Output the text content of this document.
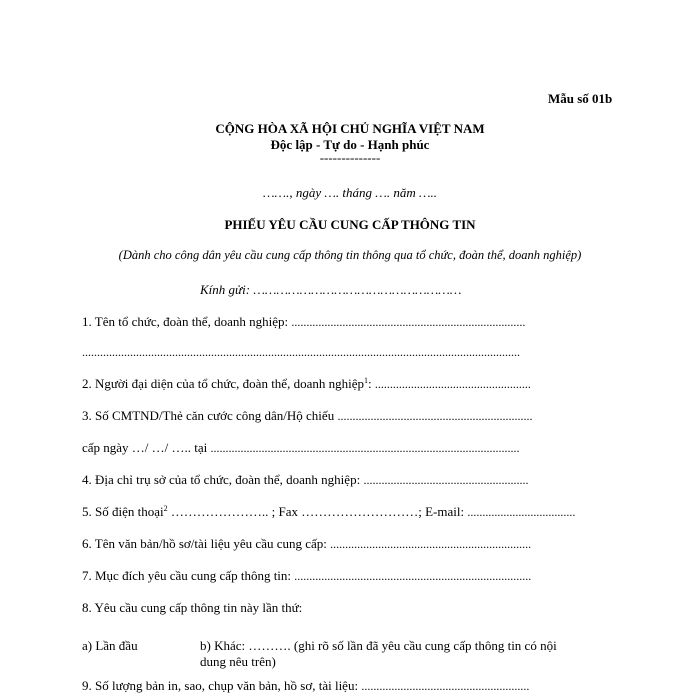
Mẫu số 01b
CỘNG HÒA XÃ HỘI CHỦ NGHĨA VIỆT NAM
Độc lập - Tự do - Hạnh phúc
--------------
……., ngày …. tháng …. năm …..
PHIẾU YÊU CẦU CUNG CẤP THÔNG TIN
(Dành cho công dân yêu cầu cung cấp thông tin thông qua tổ chức, đoàn thể, doanh nghiệp)
Kính gửi: ………………………………………………
1. Tên tổ chức, đoàn thể, doanh nghiệp: ..............................................................................
..................................................................................................................................................
2. Người đại diện của tổ chức, đoàn thể, doanh nghiệp$^1$: ....................................................
3. Số CMTND/Thẻ căn cước công dân/Hộ chiếu .................................................................
cấp ngày …/ …/ ….. tại .......................................................................................................
4. Địa chỉ trụ sở của tổ chức, đoàn thể, doanh nghiệp: .......................................................
5. Số điện thoại$^2$ ………………….. ; Fax ………………………; E-mail: ....................................
6. Tên văn bản/hồ sơ/tài liệu yêu cầu cung cấp: ...................................................................
7. Mục đích yêu cầu cung cấp thông tin: ...............................................................................
8. Yêu cầu cung cấp thông tin này lần thứ:
a) Lần đầu	b) Khác: ………. (ghi rõ số lần đã yêu cầu cung cấp thông tin có nội
dung nêu trên)
9. Số lượng bản in, sao, chụp văn bản, hồ sơ, tài liệu: ........................................................
